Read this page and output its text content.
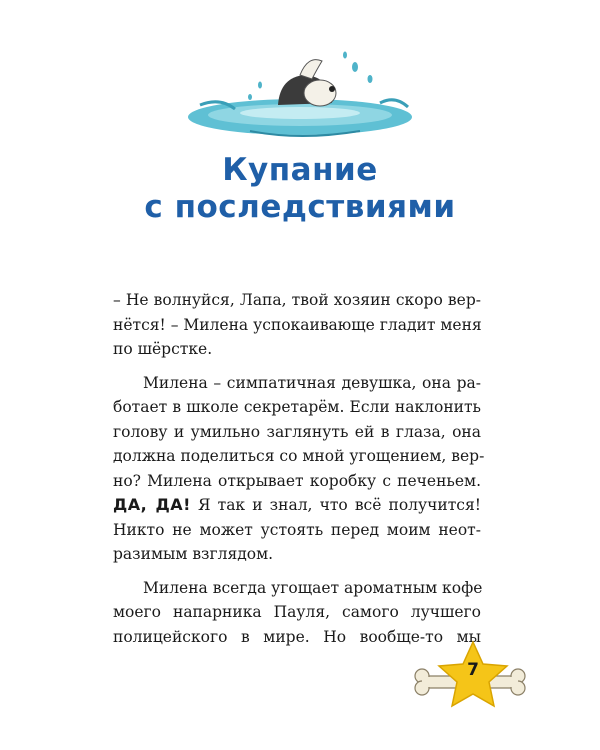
Купание
с последствиями
– Не волнуйся, Лапа, твой хозяин скоро вер-
нётся! – Милена успокаивающе гладит меня
по шёрстке.
Милена – симпатичная девушка, она ра-
ботает в школе секретарём. Если наклонить
голову и умильно заглянуть ей в глаза, она
должна поделиться со мной угощением, вер-
но? Милена открывает коробку с печеньем.
ДА, ДА! Я так и знал, что всё получится!
Никто не может устоять перед моим неот-
разимым взглядом.
Милена всегда угощает ароматным кофе
моего напарника Пауля, самого лучшего
полицейского в мире. Но вообще-то мы
7
